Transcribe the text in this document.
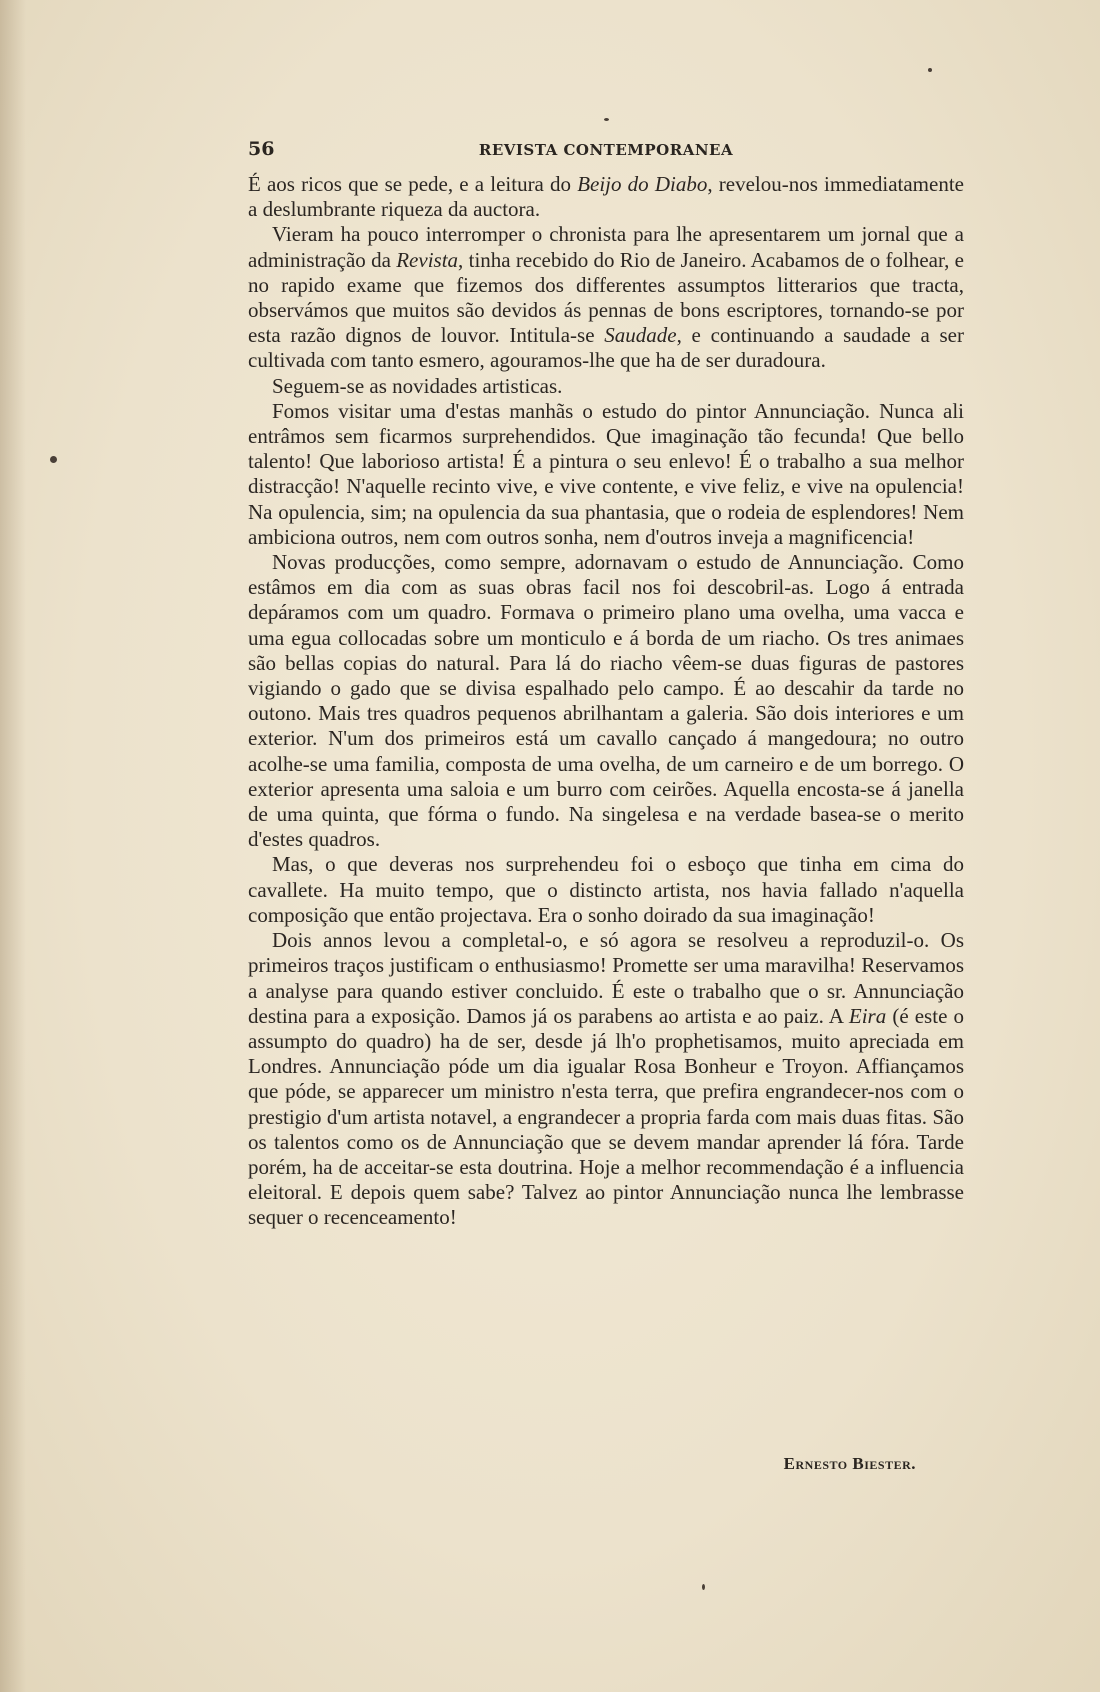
56	REVISTA CONTEMPORANEA

É aos ricos que se pede, e a leitura do Beijo do Diabo, revelou-nos immediatamente a deslumbrante riqueza da auctora.

Vieram ha pouco interromper o chronista para lhe apresentarem um jornal que a administração da Revista, tinha recebido do Rio de Janeiro. Acabamos de o folhear, e no rapido exame que fizemos dos differentes assumptos litterarios que tracta, observámos que muitos são devidos ás pennas de bons escriptores, tornando-se por esta razão dignos de louvor. Intitula-se Saudade, e continuando a saudade a ser cultivada com tanto esmero, agouramos-lhe que ha de ser duradoura.

Seguem-se as novidades artisticas.

Fomos visitar uma d'estas manhãs o estudo do pintor Annunciação. Nunca ali entrâmos sem ficarmos surprehendidos. Que imaginação tão fecunda! Que bello talento! Que laborioso artista! É a pintura o seu enlevo! É o trabalho a sua melhor distracção! N'aquelle recinto vive, e vive contente, e vive feliz, e vive na opulencia! Na opulencia, sim; na opulencia da sua phantasia, que o rodeia de esplendores! Nem ambiciona outros, nem com outros sonha, nem d'outros inveja a magnificencia!

Novas producções, como sempre, adornavam o estudo de Annunciação. Como estâmos em dia com as suas obras facil nos foi descobril-as. Logo á entrada depáramos com um quadro. Formava o primeiro plano uma ovelha, uma vacca e uma egua collocadas sobre um monticulo e á borda de um riacho. Os tres animaes são bellas copias do natural. Para lá do riacho vêem-se duas figuras de pastores vigiando o gado que se divisa espalhado pelo campo. É ao descahir da tarde no outono. Mais tres quadros pequenos abrilhantam a galeria. São dois interiores e um exterior. N'um dos primeiros está um cavallo cançado á mangedoura; no outro acolhe-se uma familia, composta de uma ovelha, de um carneiro e de um borrego. O exterior apresenta uma saloia e um burro com ceirões. Aquella encosta-se á janella de uma quinta, que fórma o fundo. Na singelesa e na verdade basea-se o merito d'estes quadros.

Mas, o que deveras nos surprehendeu foi o esboço que tinha em cima do cavallete. Ha muito tempo, que o distincto artista, nos havia fallado n'aquella composição que então projectava. Era o sonho doirado da sua imaginação!

Dois annos levou a completal-o, e só agora se resolveu a reproduzil-o. Os primeiros traços justificam o enthusiasmo! Promette ser uma maravilha! Reservamos a analyse para quando estiver concluido. É este o trabalho que o sr. Annunciação destina para a exposição. Damos já os parabens ao artista e ao paiz. A Eira (é este o assumpto do quadro) ha de ser, desde já lh'o prophetisamos, muito apreciada em Londres. Annunciação póde um dia igualar Rosa Bonheur e Troyon. Affiançamos que póde, se apparecer um ministro n'esta terra, que prefira engrandecer-nos com o prestigio d'um artista notavel, a engrandecer a propria farda com mais duas fitas. São os talentos como os de Annunciação que se devem mandar aprender lá fóra. Tarde porém, ha de acceitar-se esta doutrina. Hoje a melhor recommendação é a influencia eleitoral. E depois quem sabe? Talvez ao pintor Annunciação nunca lhe lembrasse sequer o recenceamento!

Ernesto Biester.
